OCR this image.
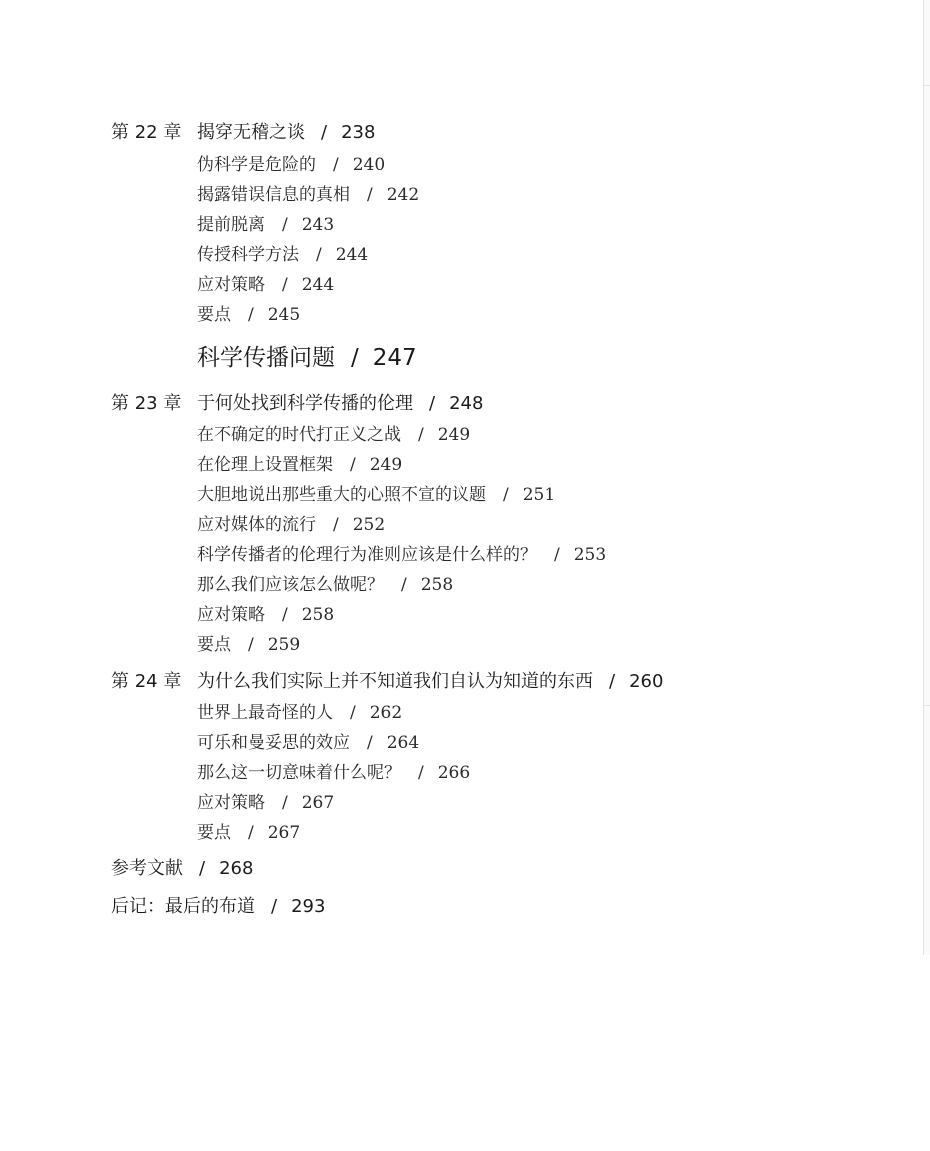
第 22 章 揭穿无稽之谈 / 238
伪科学是危险的 / 240
揭露错误信息的真相 / 242
提前脱离 / 243
传授科学方法 / 244
应对策略 / 244
要点 / 245
科学传播问题 / 247
第 23 章 于何处找到科学传播的伦理 / 248
在不确定的时代打正义之战 / 249
在伦理上设置框架 / 249
大胆地说出那些重大的心照不宣的议题 / 251
应对媒体的流行 / 252
科学传播者的伦理行为准则应该是什么样的？ / 253
那么我们应该怎么做呢？ / 258
应对策略 / 258
要点 / 259
第 24 章 为什么我们实际上并不知道我们自认为知道的东西 / 260
世界上最奇怪的人 / 262
可乐和曼妥思的效应 / 264
那么这一切意味着什么呢？ / 266
应对策略 / 267
要点 / 267
参考文献 / 268
后记：最后的布道 / 293
